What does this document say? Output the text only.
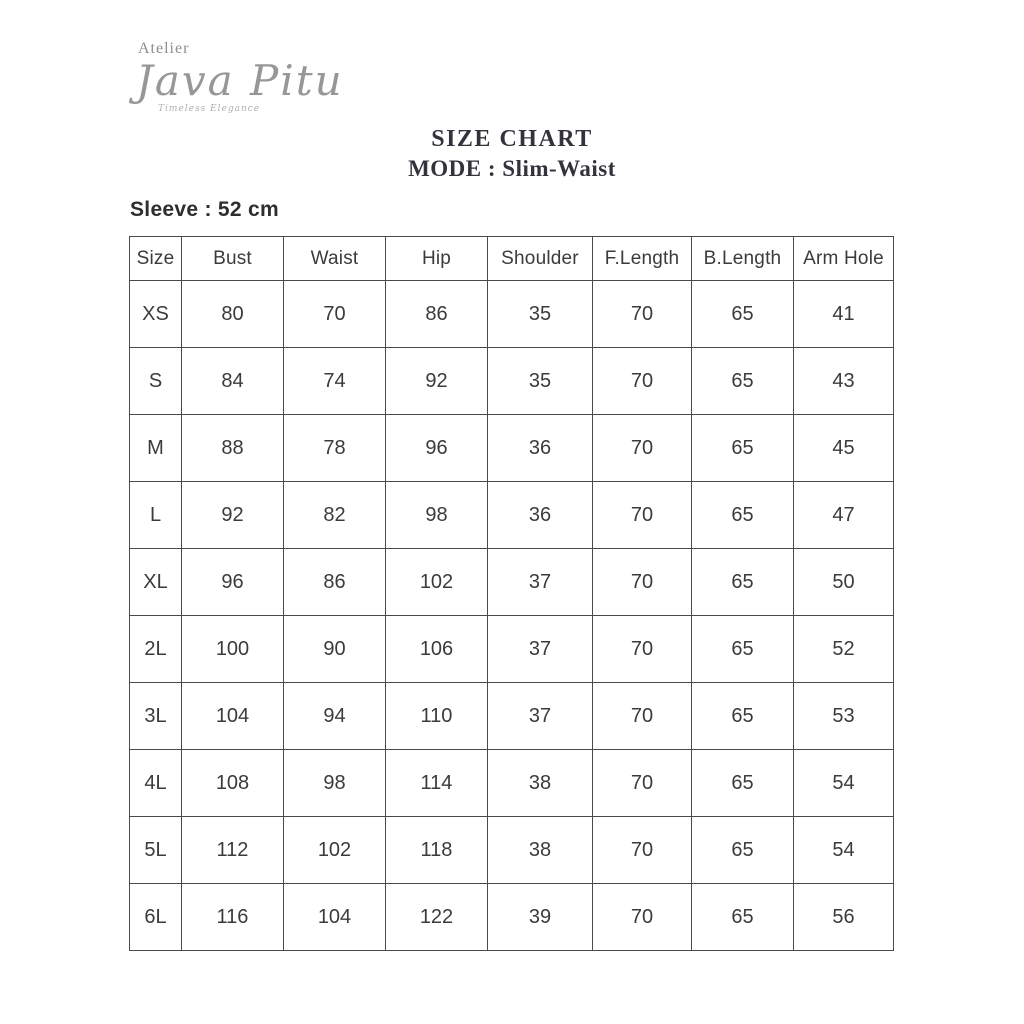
Atelier
Java Pitu
Timeless Elegance
SIZE CHART
MODE : Slim-Waist
Sleeve : 52 cm
Size	Bust	Waist	Hip	Shoulder	F.Length	B.Length	Arm Hole
XS	80	70	86	35	70	65	41
S	84	74	92	35	70	65	43
M	88	78	96	36	70	65	45
L	92	82	98	36	70	65	47
XL	96	86	102	37	70	65	50
2L	100	90	106	37	70	65	52
3L	104	94	110	37	70	65	53
4L	108	98	114	38	70	65	54
5L	112	102	118	38	70	65	54
6L	116	104	122	39	70	65	56
